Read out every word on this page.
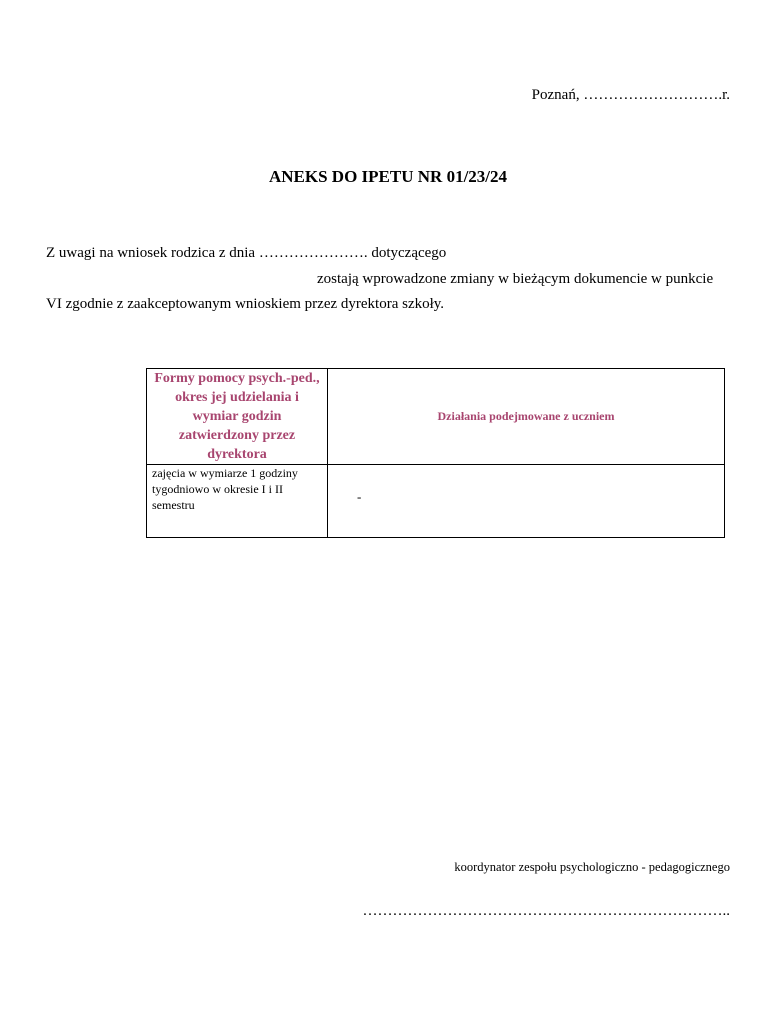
Poznań, ……………………….r.
ANEKS DO IPETU NR 01/23/24
Z uwagi na wniosek rodzica z dnia …………………. dotyczącego
zostają wprowadzone zmiany w bieżącym dokumencie w punkcie
VI zgodnie z zaakceptowanym wnioskiem przez dyrektora szkoły.
Formy pomocy psych.-ped., okres jej udzielania i wymiar godzin zatwierdzony przez dyrektora	Działania podejmowane z uczniem

zajęcia w wymiarze 1 godziny tygodniowo w okresie I i II semestru	-
koordynator zespołu psychologiczno - pedagogicznego
………………………………………………………………..
